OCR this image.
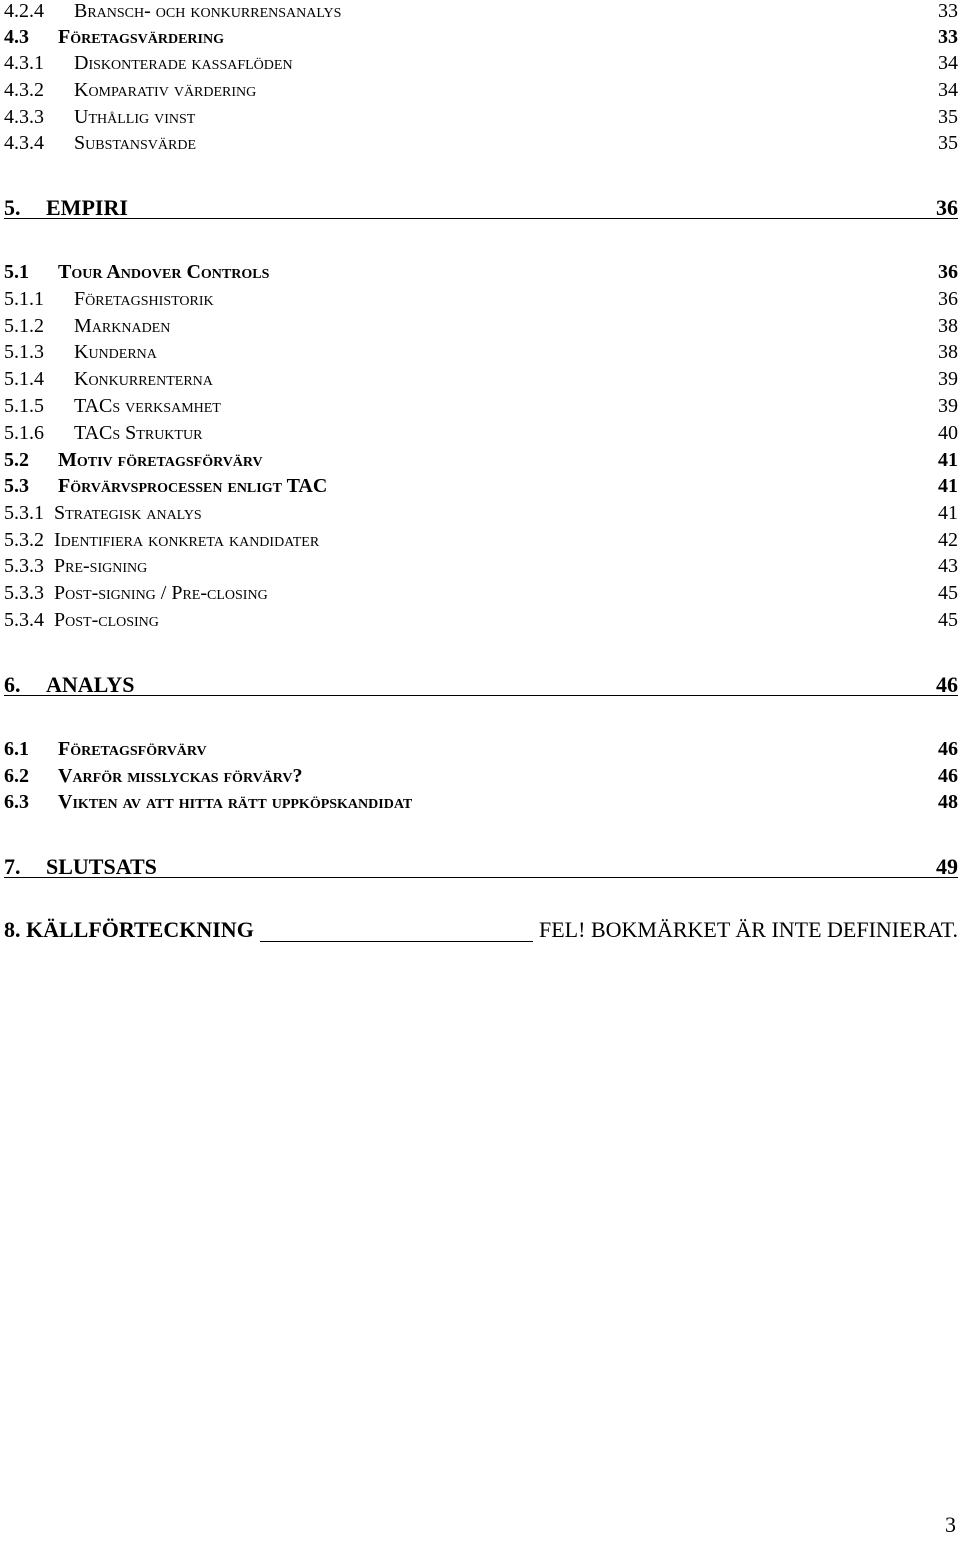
4.2.4 Bransch- och konkurrensanalys	33
4.3 Företagsvärdering	33
4.3.1 Diskonterade kassaflöden	34
4.3.2 Komparativ värdering	34
4.3.3 Uthållig vinst	35
4.3.4 Substansvärde	35
5. EMPIRI	36
5.1 Tour Andover Controls	36
5.1.1 Företagshistorik	36
5.1.2 Marknaden	38
5.1.3 Kunderna	38
5.1.4 Konkurrenterna	39
5.1.5 TACs verksamhet	39
5.1.6 TACs Struktur	40
5.2 Motiv företagsförvärv	41
5.3 Förvärvsprocessen enligt TAC	41
5.3.1 Strategisk analys	41
5.3.2 Identifiera konkreta kandidater	42
5.3.3 Pre-signing	43
5.3.3 Post-signing / Pre-closing	45
5.3.4 Post-closing	45
6. ANALYS	46
6.1 Företagsförvärv	46
6.2 Varför misslyckas förvärv?	46
6.3 Vikten av att hitta rätt uppköpskandidat	48
7. SLUTSATS	49
8. KÄLLFÖRTECKNING	FEL! BOKMÄRKET ÄR INTE DEFINIERAT.
3
